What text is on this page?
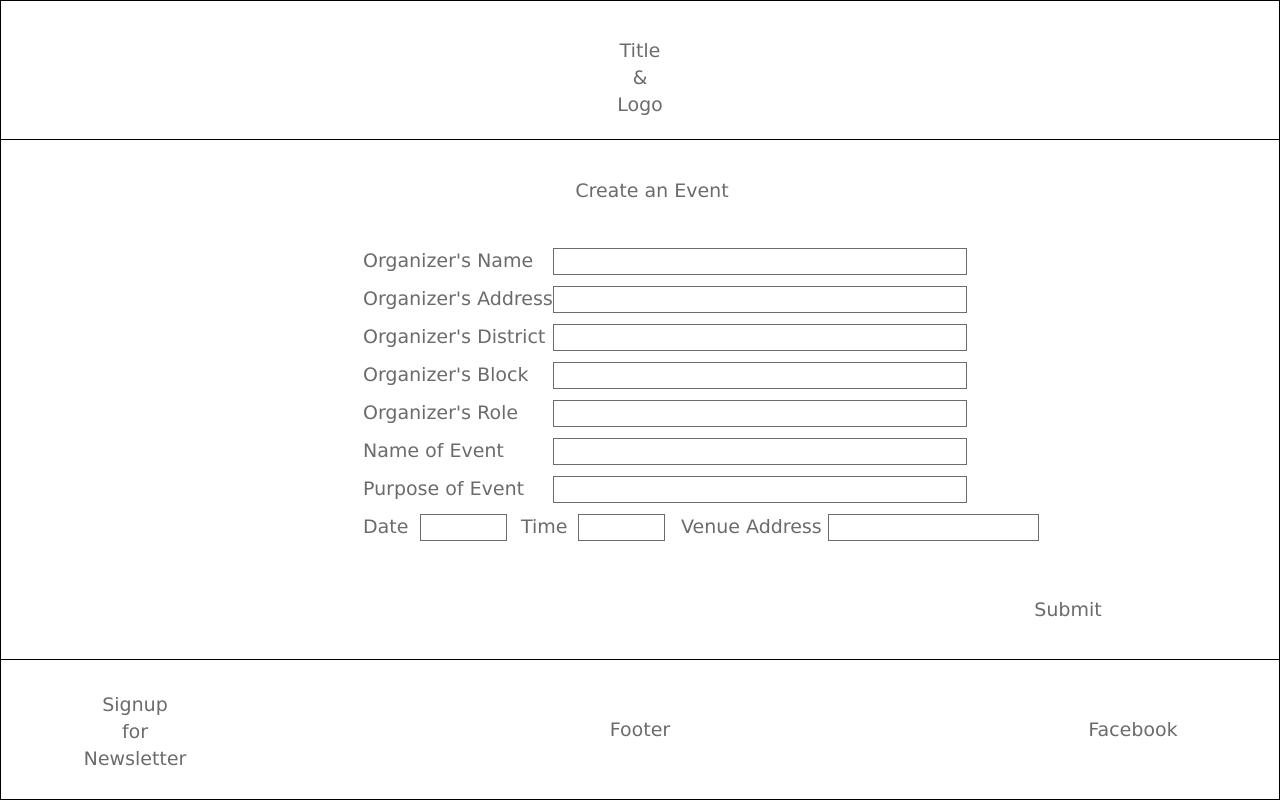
Title
&
Logo
Create an Event
Organizer's Name
Organizer's Address
Organizer's District
Organizer's Block
Organizer's Role
Name of Event
Purpose of Event
Date	Time	Venue Address
Submit
Signup
for
Newsletter
Footer	Facebook
